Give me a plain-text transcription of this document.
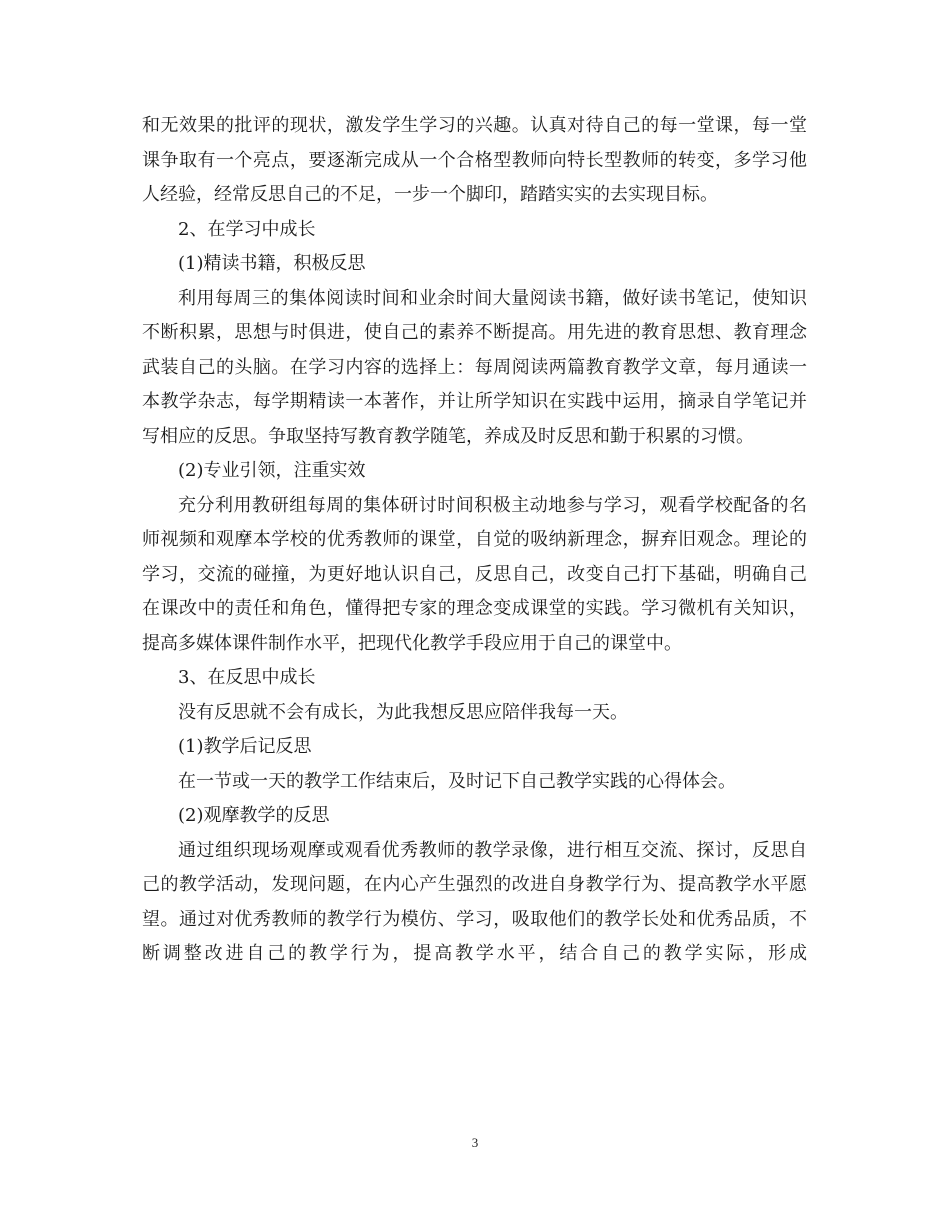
和无效果的批评的现状，激发学生学习的兴趣。认真对待自己的每一堂课，每一堂课争取有一个亮点，要逐渐完成从一个合格型教师向特长型教师的转变，多学习他人经验，经常反思自己的不足，一步一个脚印，踏踏实实的去实现目标。

2、在学习中成长

(1)精读书籍，积极反思

利用每周三的集体阅读时间和业余时间大量阅读书籍，做好读书笔记，使知识不断积累，思想与时俱进，使自己的素养不断提高。用先进的教育思想、教育理念武装自己的头脑。在学习内容的选择上：每周阅读两篇教育教学文章，每月通读一本教学杂志，每学期精读一本著作，并让所学知识在实践中运用，摘录自学笔记并写相应的反思。争取坚持写教育教学随笔，养成及时反思和勤于积累的习惯。

(2)专业引领，注重实效

充分利用教研组每周的集体研讨时间积极主动地参与学习，观看学校配备的名师视频和观摩本学校的优秀教师的课堂，自觉的吸纳新理念，摒弃旧观念。理论的学习，交流的碰撞，为更好地认识自己，反思自己，改变自己打下基础，明确自己在课改中的责任和角色，懂得把专家的理念变成课堂的实践。学习微机有关知识，提高多媒体课件制作水平，把现代化教学手段应用于自己的课堂中。

3、在反思中成长

没有反思就不会有成长，为此我想反思应陪伴我每一天。

(1)教学后记反思

在一节或一天的教学工作结束后，及时记下自己教学实践的心得体会。

(2)观摩教学的反思

通过组织现场观摩或观看优秀教师的教学录像，进行相互交流、探讨，反思自己的教学活动，发现问题，在内心产生强烈的改进自身教学行为、提高教学水平愿望。通过对优秀教师的教学行为模仿、学习，吸取他们的教学长处和优秀品质，不断调整改进自己的教学行为，提高教学水平，结合自己的教学实际，形成

3
